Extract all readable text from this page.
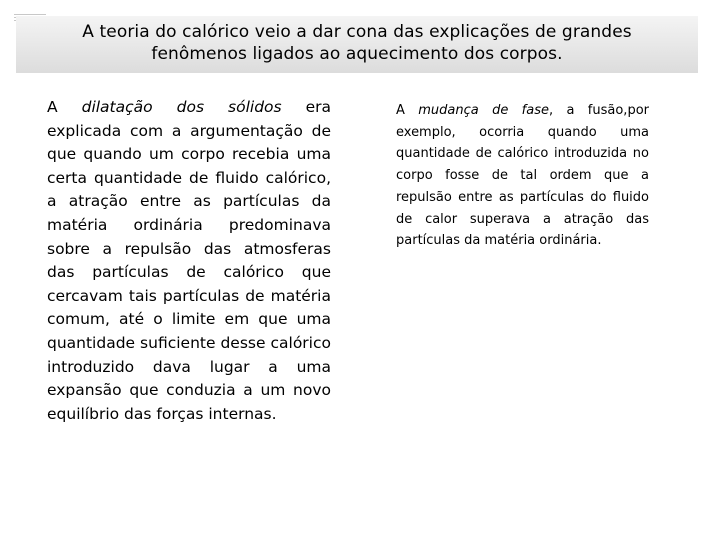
A teoria do calórico veio a dar cona das explicações de grandes
fenômenos ligados ao aquecimento dos corpos.

A dilatação dos sólidos era explicada com a argumentação de que quando um corpo recebia uma certa quantidade de fluido calórico, a atração entre as partículas da matéria ordinária predominava sobre a repulsão das atmosferas das partículas de calórico que cercavam tais partículas de matéria comum, até o limite em que uma quantidade suficiente desse calórico introduzido dava lugar a uma expansão que conduzia a um novo equilíbrio das forças internas.

A mudança de fase, a fusão,por exemplo, ocorria quando uma quantidade de calórico introduzida no corpo fosse de tal ordem que a repulsão entre as partículas do fluido de calor superava a atração das partículas da matéria ordinária.
